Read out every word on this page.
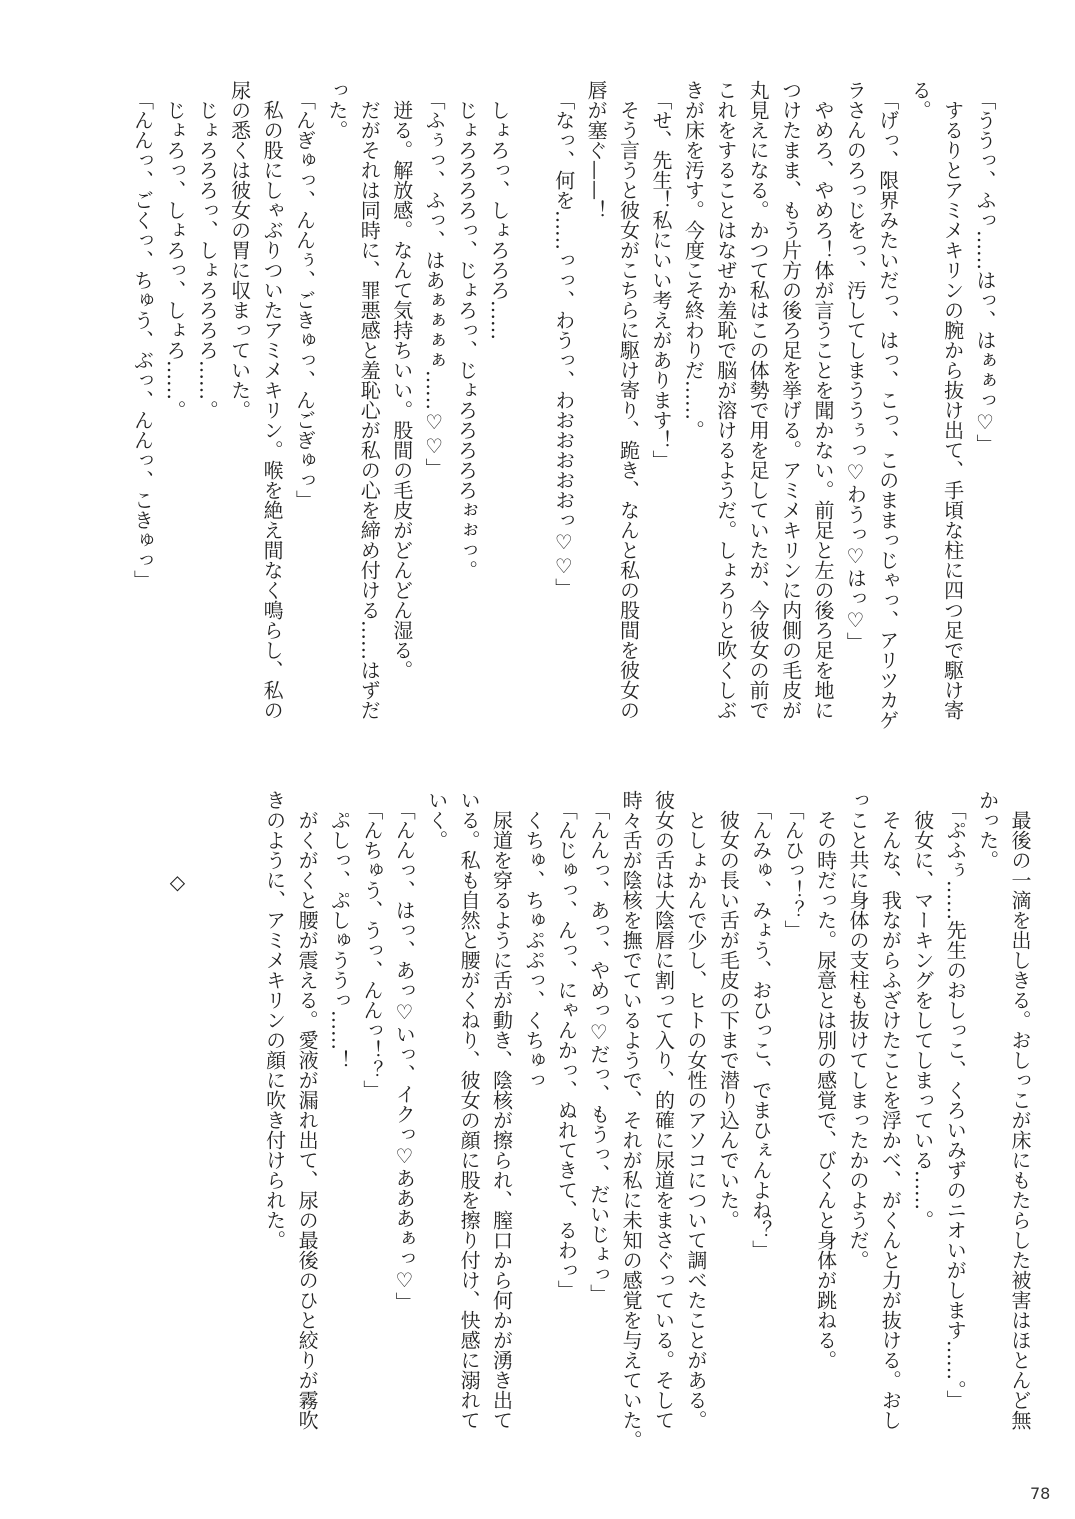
　「ううっ、ふっ……はっ、はぁぁっ♡」
　するりとアミメキリンの腕から抜け出て、手頃な柱に四つ足で駆け寄
る。
　「げっ、限界みたいだっ、はっ、こっ、このままっじゃっ、アリツカゲ
ラさんのろっじをっ、汚してしまううぅっ♡わうっ♡はっ♡」
　やめろ、やめろ！体が言うことを聞かない。前足と左の後ろ足を地に
つけたまま、もう片方の後ろ足を挙げる。アミメキリンに内側の毛皮が
丸見えになる。かつて私はこの体勢で用を足していたが、今彼女の前で
これをすることはなぜか羞恥で脳が溶けるようだ。しょろりと吹くしぶ
きが床を汚す。今度こそ終わりだ……。
　「せ、先生！私にいい考えがあります！」
　そう言うと彼女がこちらに駆け寄り、跪き、なんと私の股間を彼女の
唇が塞ぐ——！
　「なっ、何を……っっ、わうっ、わおおおおおっ♡♡」

　しょろっ、しょろろろ……
　じょろろろろっ、じょろっ、じょろろろろろぉぉっ。
　「ふぅっ、ふっ、はあぁぁぁぁ……♡♡」
　迸る。解放感。なんて気持ちいい。股間の毛皮がどんどん湿る。
　だがそれは同時に、罪悪感と羞恥心が私の心を締め付ける……はずだ
った。
　「んぎゅっ、んんぅ、ごきゅっ、んごぎゅっ」
　私の股にしゃぶりついたアミメキリン。喉を絶え間なく鳴らし、私の
尿の悉くは彼女の胃に収まっていた。
　じょろろろっ、しょろろろろ……。
　じょろっ、しょろっ、しょろ……。
　「んんっ、ごくっ、ちゅう、ぶっ、んんっ、こきゅっ」
　最後の一滴を出しきる。おしっこが床にもたらした被害はほとんど無
かった。
　「ぷふぅ……先生のおしっこ、くろいみずのニオいがします……。」
　彼女に、マーキングをしてしまっている……。
　そんな、我ながらふざけたことを浮かべ、がくんと力が抜ける。おし
っこと共に身体の支柱も抜けてしまったかのようだ。
　その時だった。尿意とは別の感覚で、びくんと身体が跳ねる。
　「んひっ！？」
　「んみゅ、みょう、おひっこ、でまひぇんよね？」
　彼女の長い舌が毛皮の下まで潜り込んでいた。
　としょかんで少し、ヒトの女性のアソコについて調べたことがある。
彼女の舌は大陰唇に割って入り、的確に尿道をまさぐっている。そして
時々舌が陰核を撫でているようで、それが私に未知の感覚を与えていた。
　「んんっ、あっ、やめっ♡だっ、もうっ、だいじょっ」
　「んじゅっ、んっ、にゃんかっ、ぬれてきて、るわっ」
　くちゅ、ちゅぷぷっ、くちゅっ
　尿道を穿るように舌が動き、陰核が擦られ、膣口から何かが湧き出て
いる。私も自然と腰がくねり、彼女の顔に股を擦り付け、快感に溺れて
いく。
　「んんっ、はっ、あっ♡いっ、イクっ♡あああぁっ♡」
　「んちゅう、うっ、んんっ！？」
　ぷしっ、ぷしゅううっ……！
　がくがくと腰が震える。愛液が漏れ出て、尿の最後のひと絞りが霧吹
きのように、アミメキリンの顔に吹き付けられた。

　　　　◇
78
